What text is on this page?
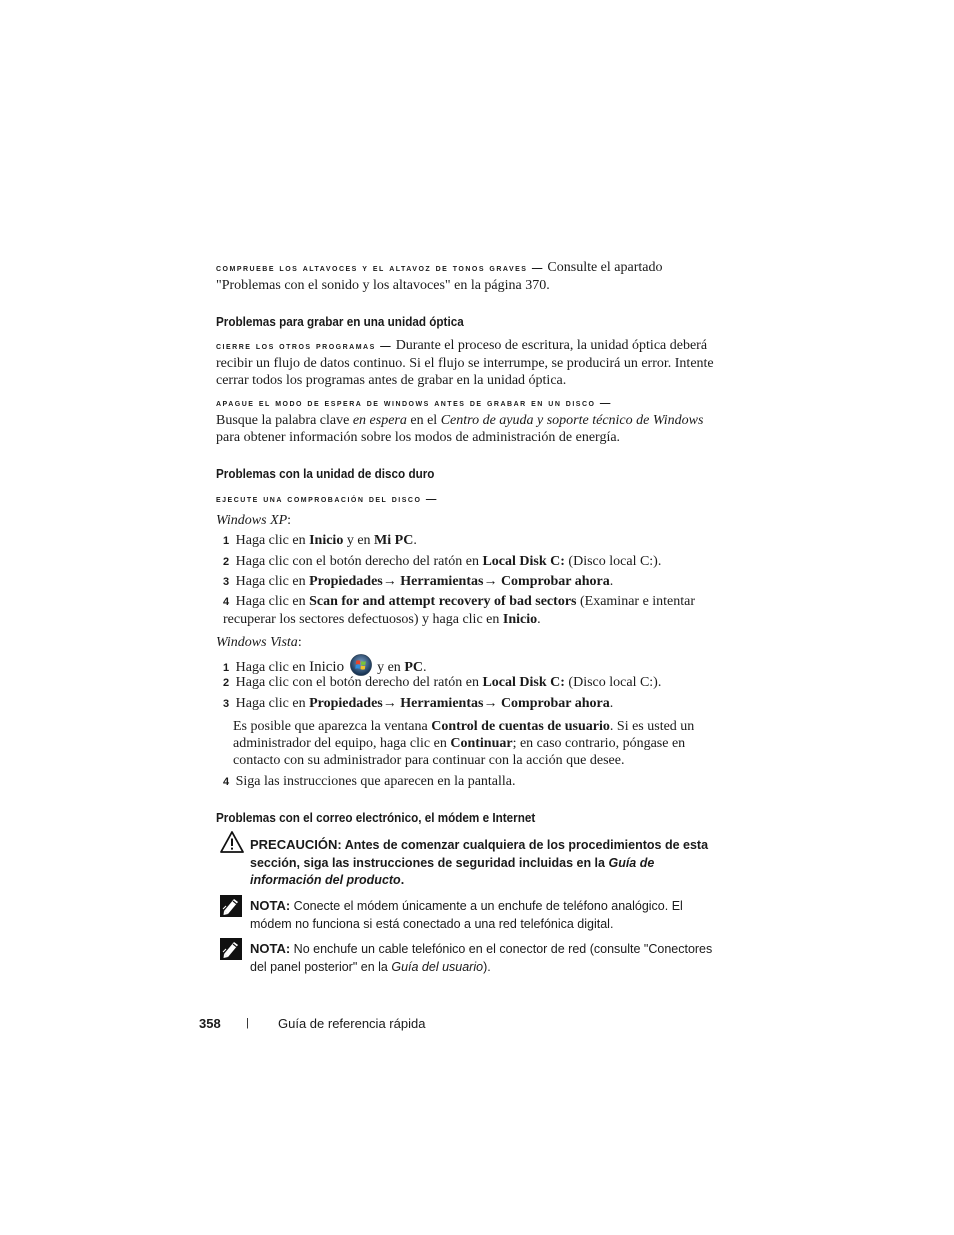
compruebe los altavoces y el altavoz de tonos graves — Consulte el apartado "Problemas con el sonido y los altavoces" en la página 370.
Problemas para grabar en una unidad óptica
cierre los otros programas — Durante el proceso de escritura, la unidad óptica deberá recibir un flujo de datos continuo. Si el flujo se interrumpe, se producirá un error. Intente cerrar todos los programas antes de grabar en la unidad óptica.
apague el modo de espera de windows antes de grabar en un disco —
Busque la palabra clave en espera en el Centro de ayuda y soporte técnico de Windows para obtener información sobre los modos de administración de energía.
Problemas con la unidad de disco duro
ejecute una comprobación del disco —
Windows XP:
1 Haga clic en Inicio y en Mi PC.
2 Haga clic con el botón derecho del ratón en Local Disk C: (Disco local C:).
3 Haga clic en Propiedades→ Herramientas→ Comprobar ahora.
4 Haga clic en Scan for and attempt recovery of bad sectors (Examinar e intentar recuperar los sectores defectuosos) y haga clic en Inicio.
Windows Vista:
1 Haga clic en Inicio  y en PC.
2 Haga clic con el botón derecho del ratón en Local Disk C: (Disco local C:).
3 Haga clic en Propiedades→ Herramientas→ Comprobar ahora.
Es posible que aparezca la ventana Control de cuentas de usuario. Si es usted un administrador del equipo, haga clic en Continuar; en caso contrario, póngase en contacto con su administrador para continuar con la acción que desee.
4 Siga las instrucciones que aparecen en la pantalla.
Problemas con el correo electrónico, el módem e Internet
PRECAUCIÓN: Antes de comenzar cualquiera de los procedimientos de esta sección, siga las instrucciones de seguridad incluidas en la Guía de información del producto.
NOTA: Conecte el módem únicamente a un enchufe de teléfono analógico. El módem no funciona si está conectado a una red telefónica digital.
NOTA: No enchufe un cable telefónico en el conector de red (consulte "Conectores del panel posterior" en la Guía del usuario).
358 | Guía de referencia rápida
